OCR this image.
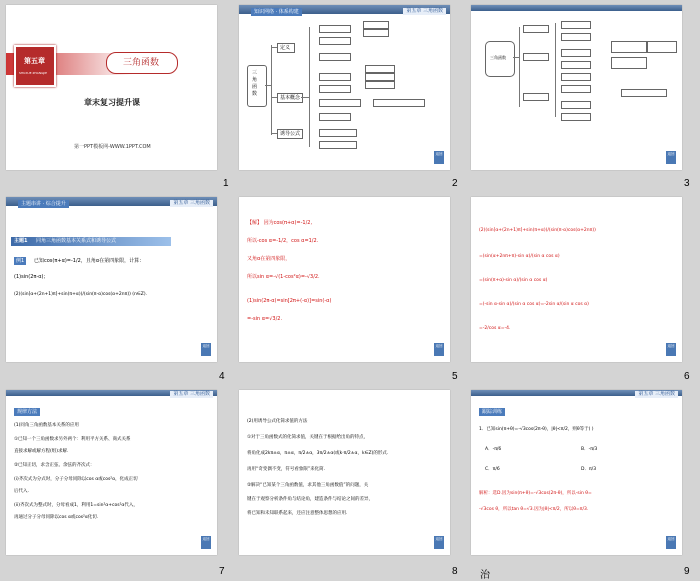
第五章
SHUXUE ZHANGJIE
三角函数
章末复习提升课
第一PPT模板网-WWW.1PPT.COM
1
知识网络 · 体系构建	第五章 三角函数
三角函数
定义
基本概念
诱导公式
返回
2
三角函数
返回
3
主题串讲 · 综合提升	第五章 三角函数
主题1 同角三角函数基本关系式和诱导公式
例1	已知cos(π+α)=-1/2，且角α在第四象限，计算：
(1)sin(2π-α)；
(2)(sin[α+(2n+1)π]+sin(π+α))/(sin(π-α)cos(α+2nπ)) (n∈Z).
返回
4
【解】 因为cos(π+α)=-1/2,
所以-cos α=-1/2，cos α=1/2.
又角α在第四象限，
所以sin α=-√(1-cos²α)=-√3/2.
(1)sin(2π-α)=sin[2π+(-α)]=sin(-α)
=-sin α=√3/2.
返回
5
(2)(sin[α+(2n+1)π]+sin(π+α))/(sin(π-α)cos(α+2nπ))
=(sin(α+2nπ+π)-sin α)/(sin α cos α)
=(sin(π+α)-sin α)/(sin α cos α)
=(-sin α-sin α)/(sin α cos α)=-2sin α/(sin α cos α)
=-2/cos α=-4.
返回
6
第五章 三角函数
规律方法
(1)同角三角函数基本关系的应用
①已知一个三角函数求另外两个：利用平方关系、商式关系
直接求解或解方程(组)求解.
②已知正切，求含正弦、余弦的齐次式：
(i)齐次式为分式时，分子分母同除以cos α或cos²α，化成正切
后代入.
(ii)齐次式为整式时，分母看成1，利用1=sin²α+cos²α代入，
再通过分子分母同除以cos α或cos²α化切.
返回
7
(2)用诱导公式化简求值的方法
①对于三角函数式的化简求值，关键在于根据给出角的特点，
将角化成2kπ±α，π±α，π/2±α，3π/2±α(或k·π/2±α，k∈Z)的形式.
再用“奇变偶不变，符号看象限”来化简.
②解决“已知某个三角函数值，求其他三角函数值”的问题，关
键在于观察分析条件角与结论角，建造条件与结论之间的差异，
将已知和未知联系起来，还应注意整体思想的应用.
返回
8
第五章 三角函数
跟踪训练
1．已知sin(π+θ)=-√3cos(2π-θ)，|θ|<π/2，则θ等于( )
A．-π/6	B．-π/3
C．π/6	D．π/3
解析：选D.因为sin(π+θ)=-√3cos(2π-θ)，所以-sin θ=
-√3cos θ，所以tan θ=√3.因为|θ|<π/2，所以θ=π/3.
返回
9
治
